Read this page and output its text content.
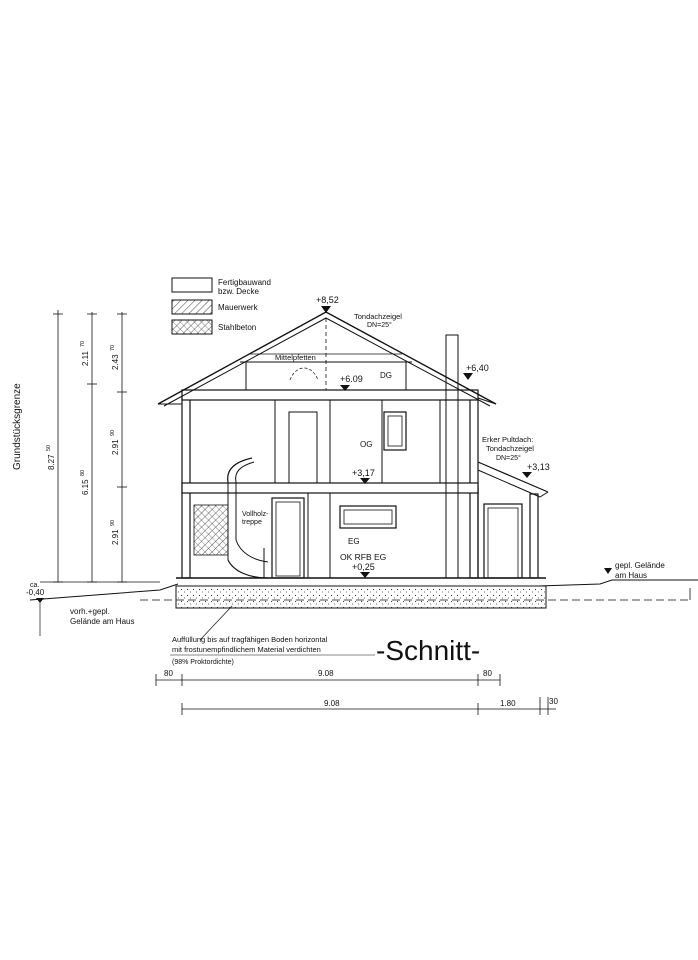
Fertigbauwand
bzw. Decke
Mauerwerk
Stahlbeton
Grundstücksgrenze	8.27
50
6.15
80
2.11
70
2.43
70
2.91
90
2.91
90
ca.
-0,40
vorh.+gepl.
Gelände am Haus
gepl. Gelände
am Haus
+8,52
Tondachzeigel
DN=25°
Mittelpfetten
DG
+6.09
+6,40
OG
+3,17
Erker Pultdach:
Tondachzeigel
DN=25°
+3,13
EG
OK RFB EG
+0,25
Vollholz-
treppe
Auffüllung bis auf tragfähigen Boden horizontal
mit frostunempfindlichem Material verdichten
(98% Proktordichte)	-Schnitt-
80	9.08	80
9.08	1.80	30
